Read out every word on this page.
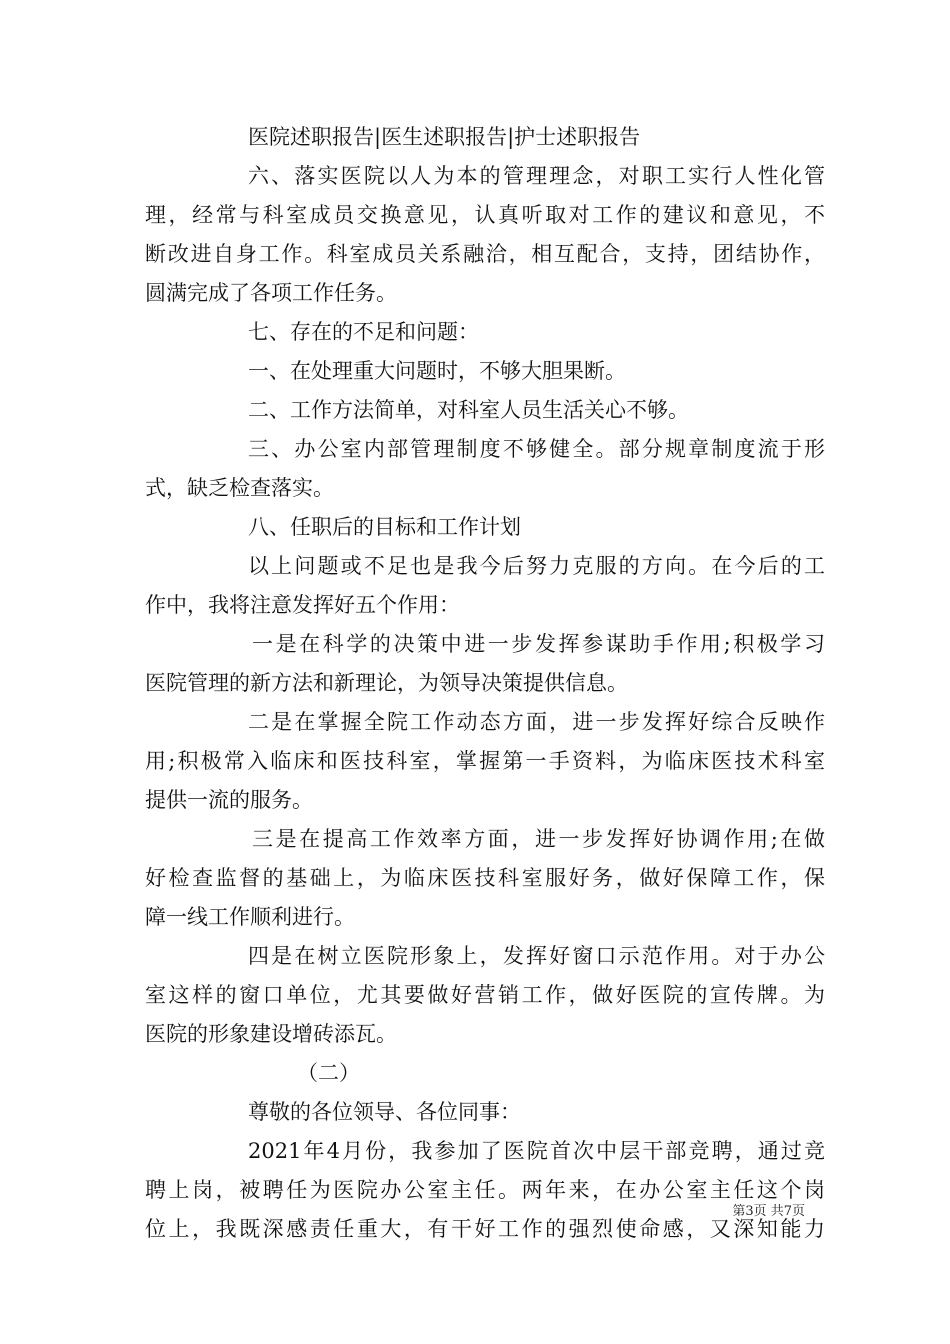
医院述职报告|医生述职报告|护士述职报告
六、落实医院以人为本的管理理念，对职工实行人性化管
理，经常与科室成员交换意见，认真听取对工作的建议和意见，不
断改进自身工作。科室成员关系融洽，相互配合，支持，团结协作，
圆满完成了各项工作任务。
七、存在的不足和问题：
一、在处理重大问题时，不够大胆果断。
二、工作方法简单，对科室人员生活关心不够。
三、办公室内部管理制度不够健全。部分规章制度流于形
式，缺乏检查落实。
八、任职后的目标和工作计划
以上问题或不足也是我今后努力克服的方向。在今后的工
作中，我将注意发挥好五个作用：
一是在科学的决策中进一步发挥参谋助手作用;积极学习
医院管理的新方法和新理论，为领导决策提供信息。
二是在掌握全院工作动态方面，进一步发挥好综合反映作
用;积极常入临床和医技科室，掌握第一手资料，为临床医技术科室
提供一流的服务。
三是在提高工作效率方面，进一步发挥好协调作用;在做
好检查监督的基础上，为临床医技科室服好务，做好保障工作，保
障一线工作顺利进行。
四是在树立医院形象上，发挥好窗口示范作用。对于办公
室这样的窗口单位，尤其要做好营销工作，做好医院的宣传牌。为
医院的形象建设增砖添瓦。
（二）
尊敬的各位领导、各位同事：
2021年4月份，我参加了医院首次中层干部竞聘，通过竞
聘上岗，被聘任为医院办公室主任。两年来，在办公室主任这个岗
位上，我既深感责任重大，有干好工作的强烈使命感，又深知能力
第3页 共7页
